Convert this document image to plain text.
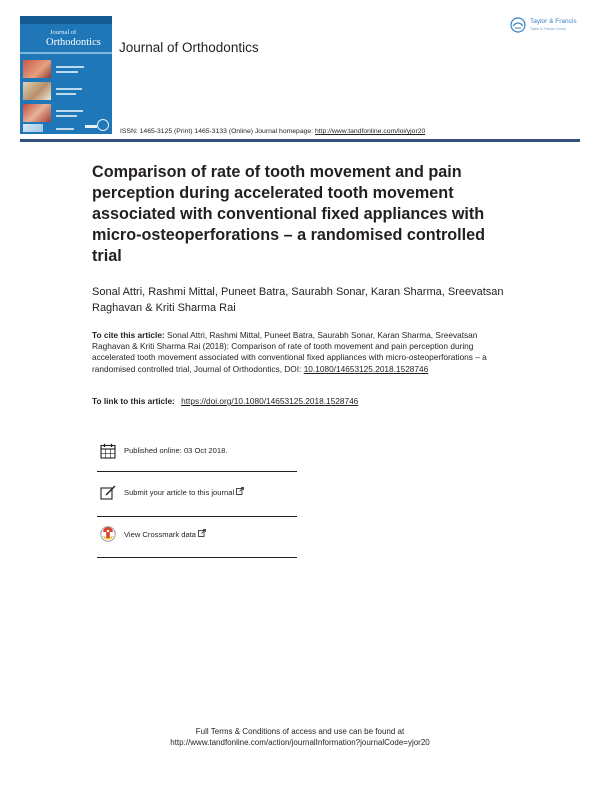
Journal of
Orthodontics Journal of Orthodontics
Taylor & Francis
Taylor & Francis Group
ISSN: 1465-3125 (Print) 1465-3133 (Online) Journal homepage: http://www.tandfonline.com/loi/yjor20
Comparison of rate of tooth movement and pain perception during accelerated tooth movement associated with conventional fixed appliances with micro-osteoperforations – a randomised controlled trial
Sonal Attri, Rashmi Mittal, Puneet Batra, Saurabh Sonar, Karan Sharma, Sreevatsan Raghavan & Kriti Sharma Rai
To cite this article: Sonal Attri, Rashmi Mittal, Puneet Batra, Saurabh Sonar, Karan Sharma, Sreevatsan Raghavan & Kriti Sharma Rai (2018): Comparison of rate of tooth movement and pain perception during accelerated tooth movement associated with conventional fixed appliances with micro-osteoperforations – a randomised controlled trial, Journal of Orthodontics, DOI: 10.1080/14653125.2018.1528746
To link to this article: https://doi.org/10.1080/14653125.2018.1528746
Published online: 03 Oct 2018.
Submit your article to this journal
View Crossmark data
Full Terms & Conditions of access and use can be found at
http://www.tandfonline.com/action/journalInformation?journalCode=yjor20
